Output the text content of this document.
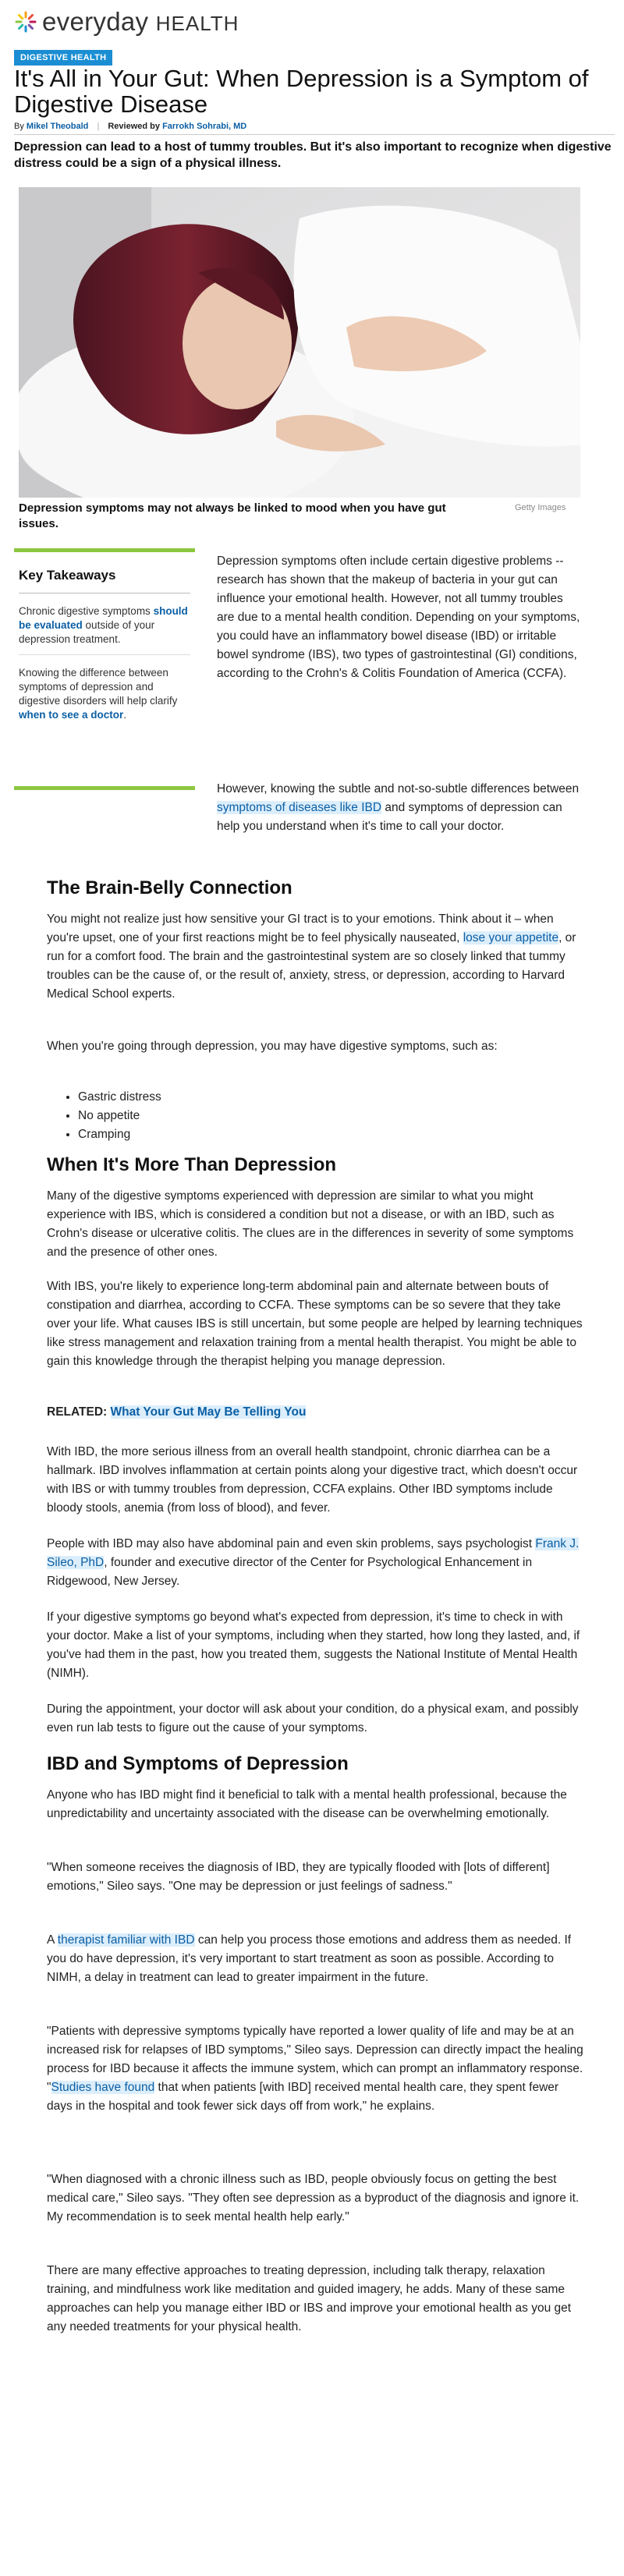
everyday HEALTH
DIGESTIVE HEALTH
It's All in Your Gut: When Depression is a Symptom of Digestive Disease
By Mikel Theobald | Reviewed by Farrokh Sohrabi, MD

Depression can lead to a host of tummy troubles. But it's also important to recognize when digestive distress could be a sign of a physical illness.

Depression symptoms may not always be linked to mood when you have gut issues.

Getty Images
Key Takeaways

Chronic digestive symptoms should be evaluated outside of your depression treatment.

Knowing the difference between symptoms of depression and digestive disorders will help clarify when to see a doctor.

Depression symptoms often include certain digestive problems -- research has shown that the makeup of bacteria in your gut can influence your emotional health. However, not all tummy troubles are due to a mental health condition. Depending on your symptoms, you could have an inflammatory bowel disease (IBD) or irritable bowel syndrome (IBS), two types of gastrointestinal (GI) conditions, according to the Crohn's & Colitis Foundation of America (CCFA).

However, knowing the subtle and not-so-subtle differences between symptoms of diseases like IBD and symptoms of depression can help you understand when it's time to call your doctor.

The Brain-Belly Connection

You might not realize just how sensitive your GI tract is to your emotions. Think about it – when you're upset, one of your first reactions might be to feel physically nauseated, lose your appetite, or run for a comfort food. The brain and the gastrointestinal system are so closely linked that tummy troubles can be the cause of, or the result of, anxiety, stress, or depression, according to Harvard Medical School experts.

When you're going through depression, you may have digestive symptoms, such as:

• Gastric distress
• No appetite
• Cramping
When It's More Than Depression

Many of the digestive symptoms experienced with depression are similar to what you might experience with IBS, which is considered a condition but not a disease, or with an IBD, such as Crohn's disease or ulcerative colitis. The clues are in the differences in severity of some symptoms and the presence of other ones.

With IBS, you're likely to experience long-term abdominal pain and alternate between bouts of constipation and diarrhea, according to CCFA. These symptoms can be so severe that they take over your life. What causes IBS is still uncertain, but some people are helped by learning techniques like stress management and relaxation training from a mental health therapist. You might be able to gain this knowledge through the therapist helping you manage depression.

RELATED: What Your Gut May Be Telling You

With IBD, the more serious illness from an overall health standpoint, chronic diarrhea can be a hallmark. IBD involves inflammation at certain points along your digestive tract, which doesn't occur with IBS or with tummy troubles from depression, CCFA explains. Other IBD symptoms include bloody stools, anemia (from loss of blood), and fever.

People with IBD may also have abdominal pain and even skin problems, says psychologist Frank J. Sileo, PhD, founder and executive director of the Center for Psychological Enhancement in Ridgewood, New Jersey.

If your digestive symptoms go beyond what's expected from depression, it's time to check in with your doctor. Make a list of your symptoms, including when they started, how long they lasted, and, if you've had them in the past, how you treated them, suggests the National Institute of Mental Health (NIMH).

During the appointment, your doctor will ask about your condition, do a physical exam, and possibly even run lab tests to figure out the cause of your symptoms.

IBD and Symptoms of Depression

Anyone who has IBD might find it beneficial to talk with a mental health professional, because the unpredictability and uncertainty associated with the disease can be overwhelming emotionally.

"When someone receives the diagnosis of IBD, they are typically flooded with [lots of different] emotions," Sileo says. "One may be depression or just feelings of sadness."

A therapist familiar with IBD can help you process those emotions and address them as needed. If you do have depression, it's very important to start treatment as soon as possible. According to NIMH, a delay in treatment can lead to greater impairment in the future.

"Patients with depressive symptoms typically have reported a lower quality of life and may be at an increased risk for relapses of IBD symptoms," Sileo says. Depression can directly impact the healing process for IBD because it affects the immune system, which can prompt an inflammatory response. "Studies have found that when patients [with IBD] received mental health care, they spent fewer days in the hospital and took fewer sick days off from work," he explains.

"When diagnosed with a chronic illness such as IBD, people obviously focus on getting the best medical care," Sileo says. "They often see depression as a byproduct of the diagnosis and ignore it. My recommendation is to seek mental health help early."

There are many effective approaches to treating depression, including talk therapy, relaxation training, and mindfulness work like meditation and guided imagery, he adds. Many of these same approaches can help you manage either IBD or IBS and improve your emotional health as you get any needed treatments for your physical health.
